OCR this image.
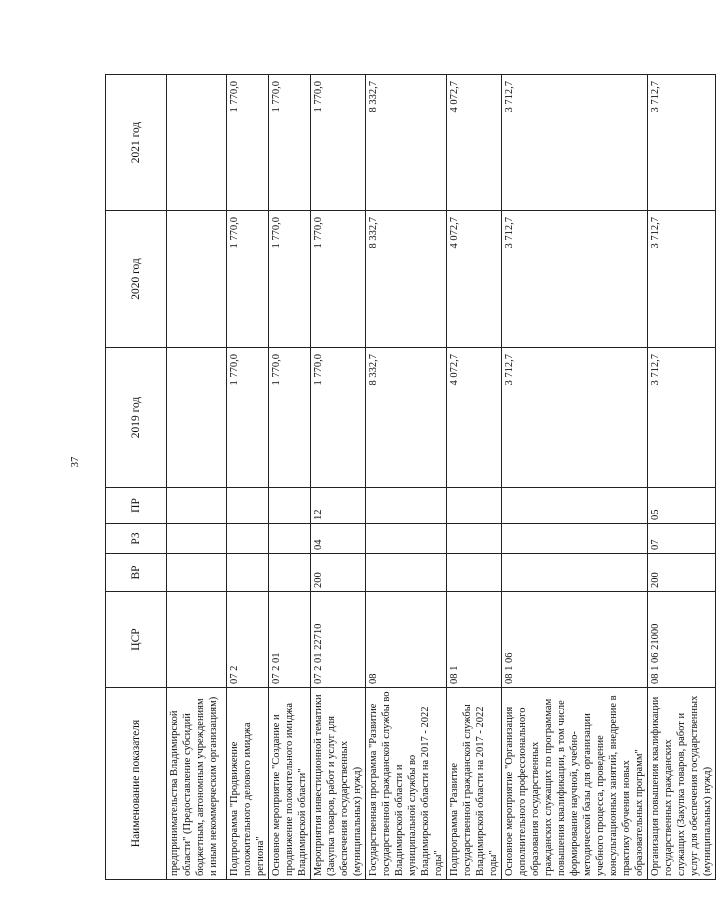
37
Наименование показателя	ЦСР	ВР	РЗ	ПР	2019 год	2020 год	2021 год
предпринимательства Владимирской области" (Предоставление субсидий бюджетным, автономным учреждениям и иным некоммерческим организациям)							
Подпрограмма "Продвижение положительного делового имиджа региона"	07 2				1 770,0	1 770,0	1 770,0
Основное мероприятие "Создание и продвижение положительного имиджа Владимирской области"	07 2 01				1 770,0	1 770,0	1 770,0
Мероприятия инвестиционной тематики (Закупка товаров, работ и услуг для обеспечения государственных (муниципальных) нужд)	07 2 01 22710	200	04	12	1 770,0	1 770,0	1 770,0
Государственная программа "Развитие государственной гражданской службы во Владимирской области и муниципальной службы во Владимирской области на 2017 - 2022 годы"	08				8 332,7	8 332,7	8 332,7
Подпрограмма "Развитие государственной гражданской службы Владимирской области на 2017 - 2022 годы"	08 1				4 072,7	4 072,7	4 072,7
Основное мероприятие "Организация дополнительного профессионального образования государственных гражданских служащих по программам повышения квалификации, в том числе формирование научной, учебно-методической базы для организации учебного процесса, проведение консультационных занятий, внедрение в практику обучения новых образовательных программ"	08 1 06				3 712,7	3 712,7	3 712,7
Организация повышения квалификации государственных гражданских служащих (Закупка товаров, работ и услуг для обеспечения государственных (муниципальных) нужд)	08 1 06 21000	200	07	05	3 712,7	3 712,7	3 712,7
